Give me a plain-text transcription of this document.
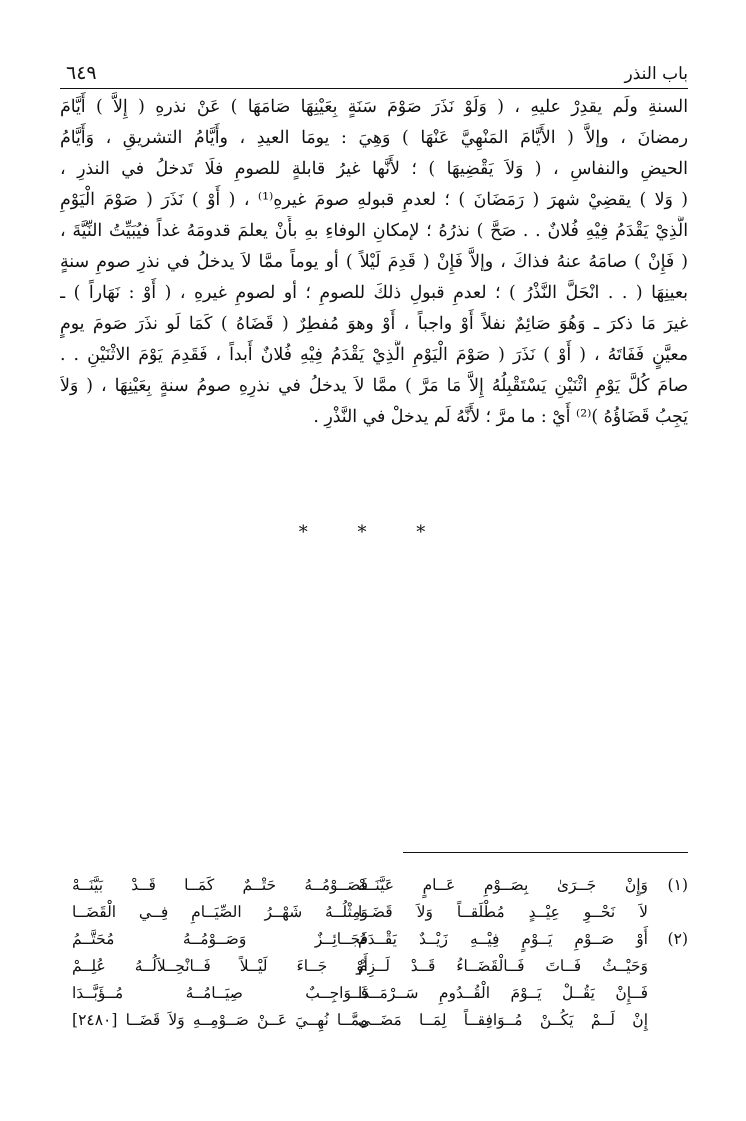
باب النذر
٦٤٩
السنةِ ولَم يقدِرْ عليهِ ، ( وَلَوْ نَذَرَ صَوْمَ سَنَةٍ بِعَيْنِهَا صَامَهَا ) عَنْ نذرهِ ( إِلاَّ ) أَيَّامَ
رمضانَ ، وإلاَّ ( الأَيَّامَ المَنْهِيَّ عَنْهَا ) وَهِيَ : يومَا العيدِ ، وأَيَّامُ التشريقِ ، وَأَيَّامُ
الحيضِ والنفاسِ ، ( وَلاَ يَقْضِيهَا ) ؛ لأَنَّها غيرُ قابلةٍ للصومِ فلَا تَدخلُ في النذرِ ،
( وَلا ) يقضِيْ شهرَ ( رَمَضَانَ ) ؛ لعدمِ قبولهِ صومَ غيرهِ⁽¹⁾ ، ( أَوْ ) نَذَرَ ( صَوْمَ الْيَوْمِ
الَّذِيْ يَقْدَمُ فِيْهِ فُلانٌ . . صَحَّ ) نذرُهُ ؛ لإمكانِ الوفاءِ بهِ بأَنْ يعلمَ قدومَهُ غداً فيُبَيِّتُ النِّيَّةَ ،
( فَإِنْ ) صامَهُ عنهُ فذاكَ ، وإلاَّ فَإِنْ ( قَدِمَ لَيْلاً ) أو يوماً ممَّا لاَ يدخلُ في نذرِ صومِ سنةٍ
بعينِهَا ( . . انْحَلَّ النَّذْرُ ) ؛ لعدمِ قبولِ ذلكَ للصومِ ؛ أو لصومِ غيرهِ ، ( أَوْ : نَهَاراً ) ـ
غيرَ مَا ذكرَ ـ وَهُوَ صَائِمٌ نفلاً أَوْ واجباً ، أَوْ وهوَ مُفطِرٌ ( قَضَاهُ ) كَمَا لَو نذَرَ صَومَ يومٍ
معيَّنٍ فَفَاتَهُ ، ( أَوْ ) نَذَرَ ( صَوْمَ الْيَوْمِ الَّذِيْ يَقْدَمُ فِيْهِ فُلانٌ أَبداً ، فَقَدِمَ يَوْمَ الاثْنَيْنِ . .
صامَ كُلَّ يَوْمِ اثْنَيْنِ يَسْتَقْبِلُهُ إِلاَّ مَا مَرَّ ) ممَّا لاَ يدخلُ في نذرِهِ صومُ سنةٍ بِعَيْنِهَا ، ( وَلاَ
يَجِبُ قَضَاؤُهُ )⁽²⁾ أَيْ : ما مرَّ ؛ لأَنَّهُ لَم يدخلْ في النَّذْرِ .
* * *
(١)
وَإِنْ جَــرَىٰ بِصَــوْمِ عَــامٍ عَيَّنَــهْ
فَصَــوْمُــهُ حَتْــمٌ كَمَــا قَــدْ بَيَّنَــهْ
لاَ نَحْــوِ عِيْــدٍ مُطْلَقــاً وَلاَ قَضَــا
وَمِثْلُــهُ شَهْــرُ الصِّيَــامِ فِــي الْقَضَــا
(٢)
أَوْ صَــوْمِ يَــوْمٍ فِيْــهِ زَيْــدٌ يَقْــدَمُ
فَجَــائِــزٌ وَصَــوْمُــهُ مُحَتَّــمُ
وَحَيْــثُ فَــاتَ فَــالْقَضَــاءُ قَــدْ لَــزِمْ
أَوْ جَــاءَ لَيْــلاً فَــانْحِــلاَلُــهُ عُلِــمْ
فَــإِنْ يَقُــلْ يَــوْمَ الْقُــدُومِ سَــرْمَــدَا
فَــوَاجِــبٌ صِيَــامُــهُ مُــؤَبَّــدَا
إِنْ لَــمْ يَكُــنْ مُــوَافِقــاً لِمَــا مَضَــى
مِمَّــا نُهِــيَ عَــنْ صَــوْمِــهِ وَلاَ قَضَــا [٢٤٨٠]
